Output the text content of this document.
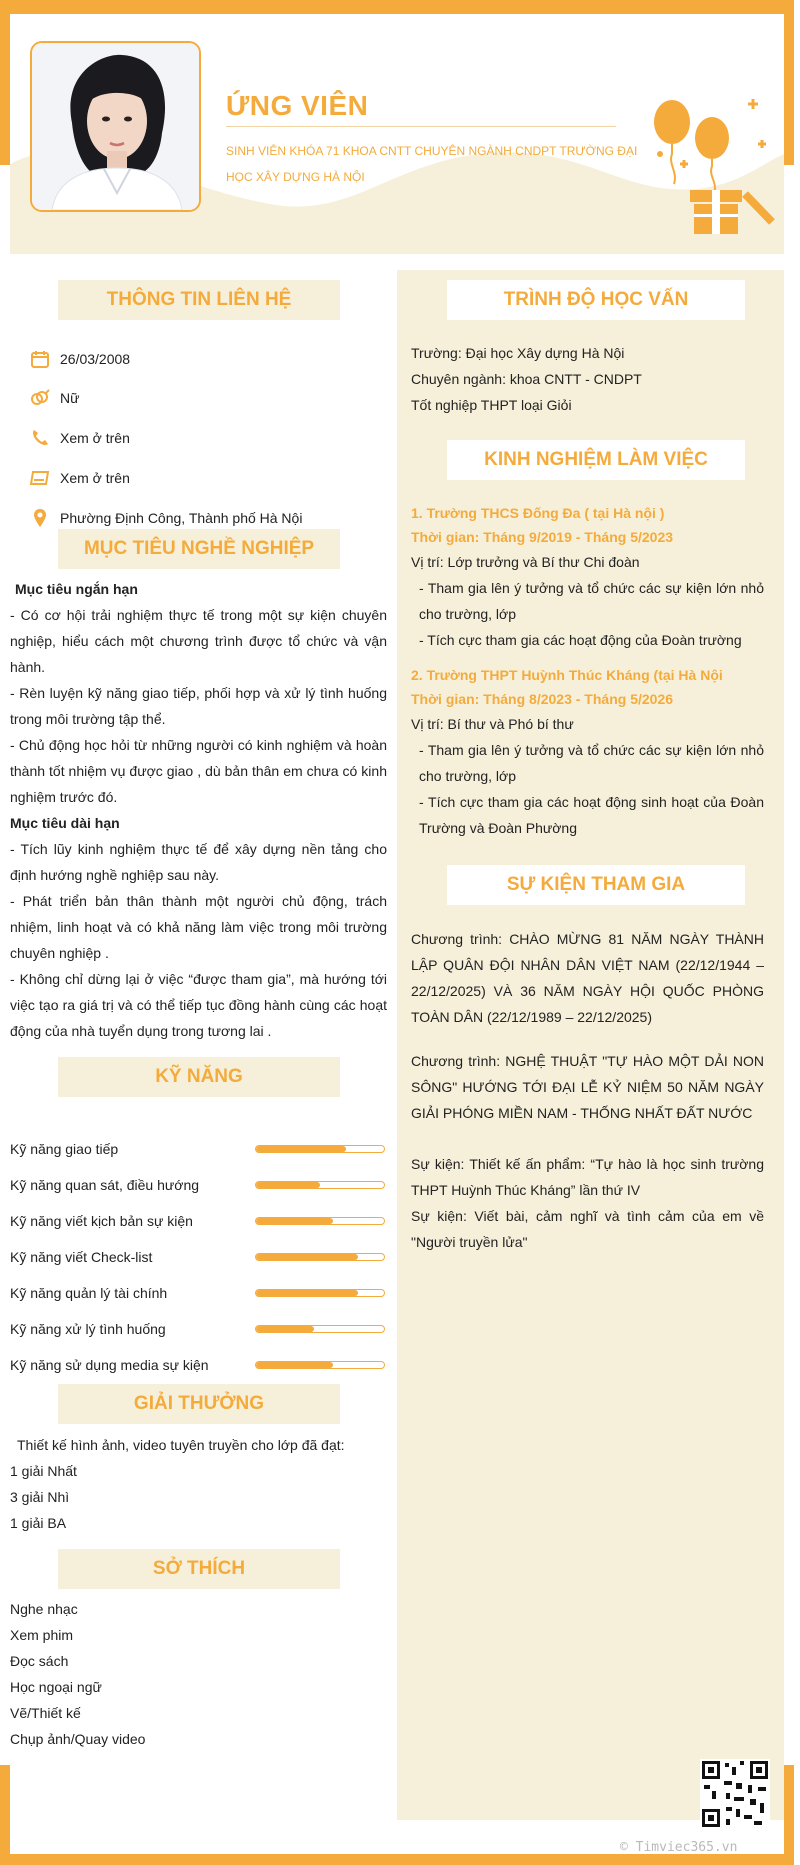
ỨNG VIÊN
SINH VIÊN KHÓA 71 KHOA CNTT CHUYÊN NGÀNH CNDPT TRƯỜNG ĐẠI HỌC XÂY DỰNG HÀ NỘI
THÔNG TIN LIÊN HỆ
26/03/2008
Nữ
Xem ở trên
Xem ở trên
Phường Định Công, Thành phố Hà Nội
MỤC TIÊU NGHỀ NGHIỆP
Mục tiêu ngắn hạn
- Có cơ hội trải nghiệm thực tế trong một sự kiện chuyên nghiệp, hiểu cách một chương trình được tổ chức và vận hành.
- Rèn luyện kỹ năng giao tiếp, phối hợp và xử lý tình huống trong môi trường tập thể.
- Chủ động học hỏi từ những người có kinh nghiệm và hoàn thành tốt nhiệm vụ được giao , dù bản thân em chưa có kinh nghiệm trước đó.
Mục tiêu dài hạn
- Tích lũy kinh nghiệm thực tế để xây dựng nền tảng cho định hướng nghề nghiệp sau này.
- Phát triển bản thân thành một người chủ động, trách nhiệm, linh hoạt và có khả năng làm việc trong môi trường chuyên nghiệp .
- Không chỉ dừng lại ở việc “được tham gia”, mà hướng tới việc tạo ra giá trị và có thể tiếp tục đồng hành cùng các hoạt động của nhà tuyển dụng trong tương lai .
KỸ NĂNG
Kỹ năng giao tiếp
Kỹ năng quan sát, điều hướng
Kỹ năng viết kịch bản sự kiện
Kỹ năng viết Check-list
Kỹ năng quản lý tài chính
Kỹ năng xử lý tình huống
Kỹ năng sử dụng media sự kiện
GIẢI THƯỞNG
Thiết kế hình ảnh, video tuyên truyền cho lớp đã đạt:
1 giải Nhất
3 giải Nhì
1 giải BA
SỞ THÍCH
Nghe nhạc
Xem phim
Đọc sách
Học ngoại ngữ
Vẽ/Thiết kế
Chụp ảnh/Quay video
TRÌNH ĐỘ HỌC VẤN
Trường: Đại học Xây dựng Hà Nội
Chuyên ngành: khoa CNTT - CNDPT
Tốt nghiệp THPT loại Giỏi
KINH NGHIỆM LÀM VIỆC
1. Trường THCS Đống Đa ( tại Hà nội )
Thời gian: Tháng 9/2019 - Tháng 5/2023
Vị trí: Lớp trưởng và Bí thư Chi đoàn
- Tham gia lên ý tưởng và tổ chức các sự kiện lớn nhỏ cho trường, lớp
- Tích cực tham gia các hoạt động của Đoàn trường
2. Trường THPT Huỳnh Thúc Kháng (tại Hà Nội
Thời gian: Tháng 8/2023 - Tháng 5/2026
Vị trí: Bí thư và Phó bí thư
- Tham gia lên ý tưởng và tổ chức các sự kiện lớn nhỏ cho trường, lớp
- Tích cực tham gia các hoạt động sinh hoạt của Đoàn Trường và Đoàn Phường
SỰ KIỆN THAM GIA
Chương trình: CHÀO MỪNG 81 NĂM NGÀY THÀNH LẬP QUÂN ĐỘI NHÂN DÂN VIỆT NAM (22/12/1944 – 22/12/2025) VÀ 36 NĂM NGÀY HỘI QUỐC PHÒNG TOÀN DÂN (22/12/1989 – 22/12/2025)
Chương trình: NGHỆ THUẬT "TỰ HÀO MỘT DẢI NON SÔNG" HƯỚNG TỚI ĐẠI LỄ KỶ NIỆM 50 NĂM NGÀY GIẢI PHÓNG MIỀN NAM - THỐNG NHẤT ĐẤT NƯỚC
Sự kiện: Thiết kế ấn phẩm: “Tự hào là học sinh trường THPT Huỳnh Thúc Kháng” lần thứ IV
Sự kiện: Viết bài, cảm nghĩ và tình cảm của em về "Người truyền lửa"
© Timviec365.vn
